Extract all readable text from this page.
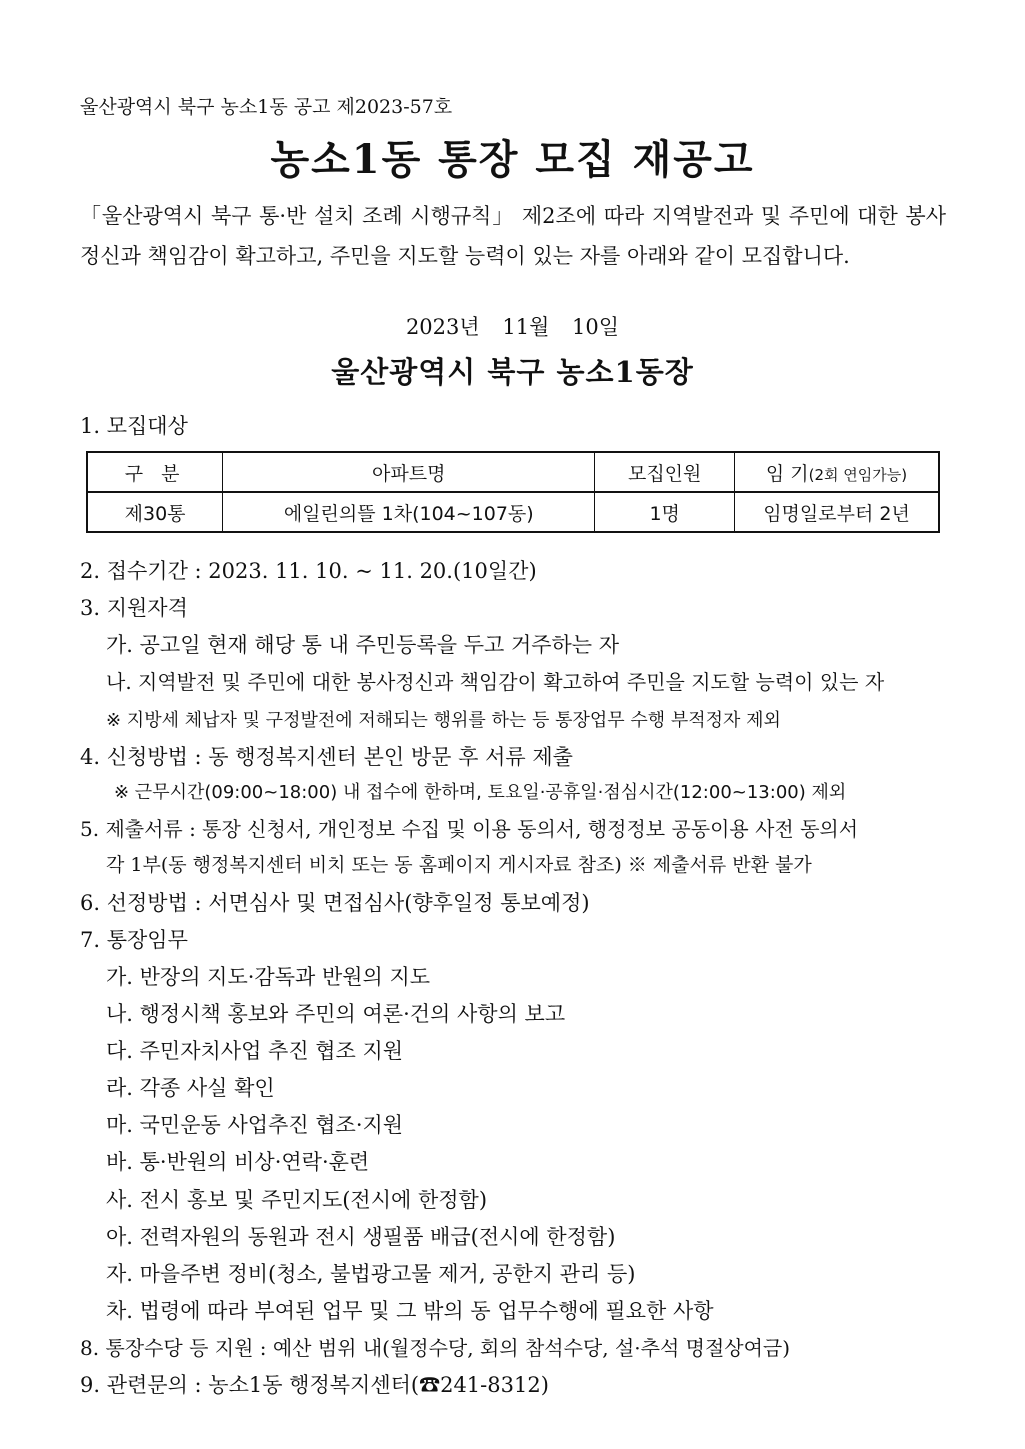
울산광역시 북구 농소1동 공고 제2023-57호
농소1동 통장 모집 재공고
「울산광역시 북구 통·반 설치 조례 시행규칙」 제2조에 따라 지역발전과 및 주민에 대한 봉사정신과 책임감이 확고하고, 주민을 지도할 능력이 있는 자를 아래와 같이 모집합니다.
2023년 11월 10일
울산광역시 북구 농소1동장
1. 모집대상
구 분	아파트명	모집인원	임 기(2회 연임가능)
제30통	에일린의뜰 1차(104~107동)	1명	임명일로부터 2년
2. 접수기간 : 2023. 11. 10. ~ 11. 20.(10일간)
3. 지원자격
가. 공고일 현재 해당 통 내 주민등록을 두고 거주하는 자
나. 지역발전 및 주민에 대한 봉사정신과 책임감이 확고하여 주민을 지도할 능력이 있는 자
※ 지방세 체납자 및 구정발전에 저해되는 행위를 하는 등 통장업무 수행 부적정자 제외
4. 신청방법 : 동 행정복지센터 본인 방문 후 서류 제출
※ 근무시간(09:00~18:00) 내 접수에 한하며, 토요일·공휴일·점심시간(12:00~13:00) 제외
5. 제출서류 : 통장 신청서, 개인정보 수집 및 이용 동의서, 행정정보 공동이용 사전 동의서
각 1부(동 행정복지센터 비치 또는 동 홈페이지 게시자료 참조) ※ 제출서류 반환 불가
6. 선정방법 : 서면심사 및 면접심사(향후일정 통보예정)
7. 통장임무
가. 반장의 지도·감독과 반원의 지도
나. 행정시책 홍보와 주민의 여론·건의 사항의 보고
다. 주민자치사업 추진 협조 지원
라. 각종 사실 확인
마. 국민운동 사업추진 협조·지원
바. 통·반원의 비상·연락·훈련
사. 전시 홍보 및 주민지도(전시에 한정함)
아. 전력자원의 동원과 전시 생필품 배급(전시에 한정함)
자. 마을주변 정비(청소, 불법광고물 제거, 공한지 관리 등)
차. 법령에 따라 부여된 업무 및 그 밖의 동 업무수행에 필요한 사항
8. 통장수당 등 지원 : 예산 범위 내(월정수당, 회의 참석수당, 설·추석 명절상여금)
9. 관련문의 : 농소1동 행정복지센터(☎241-8312)
